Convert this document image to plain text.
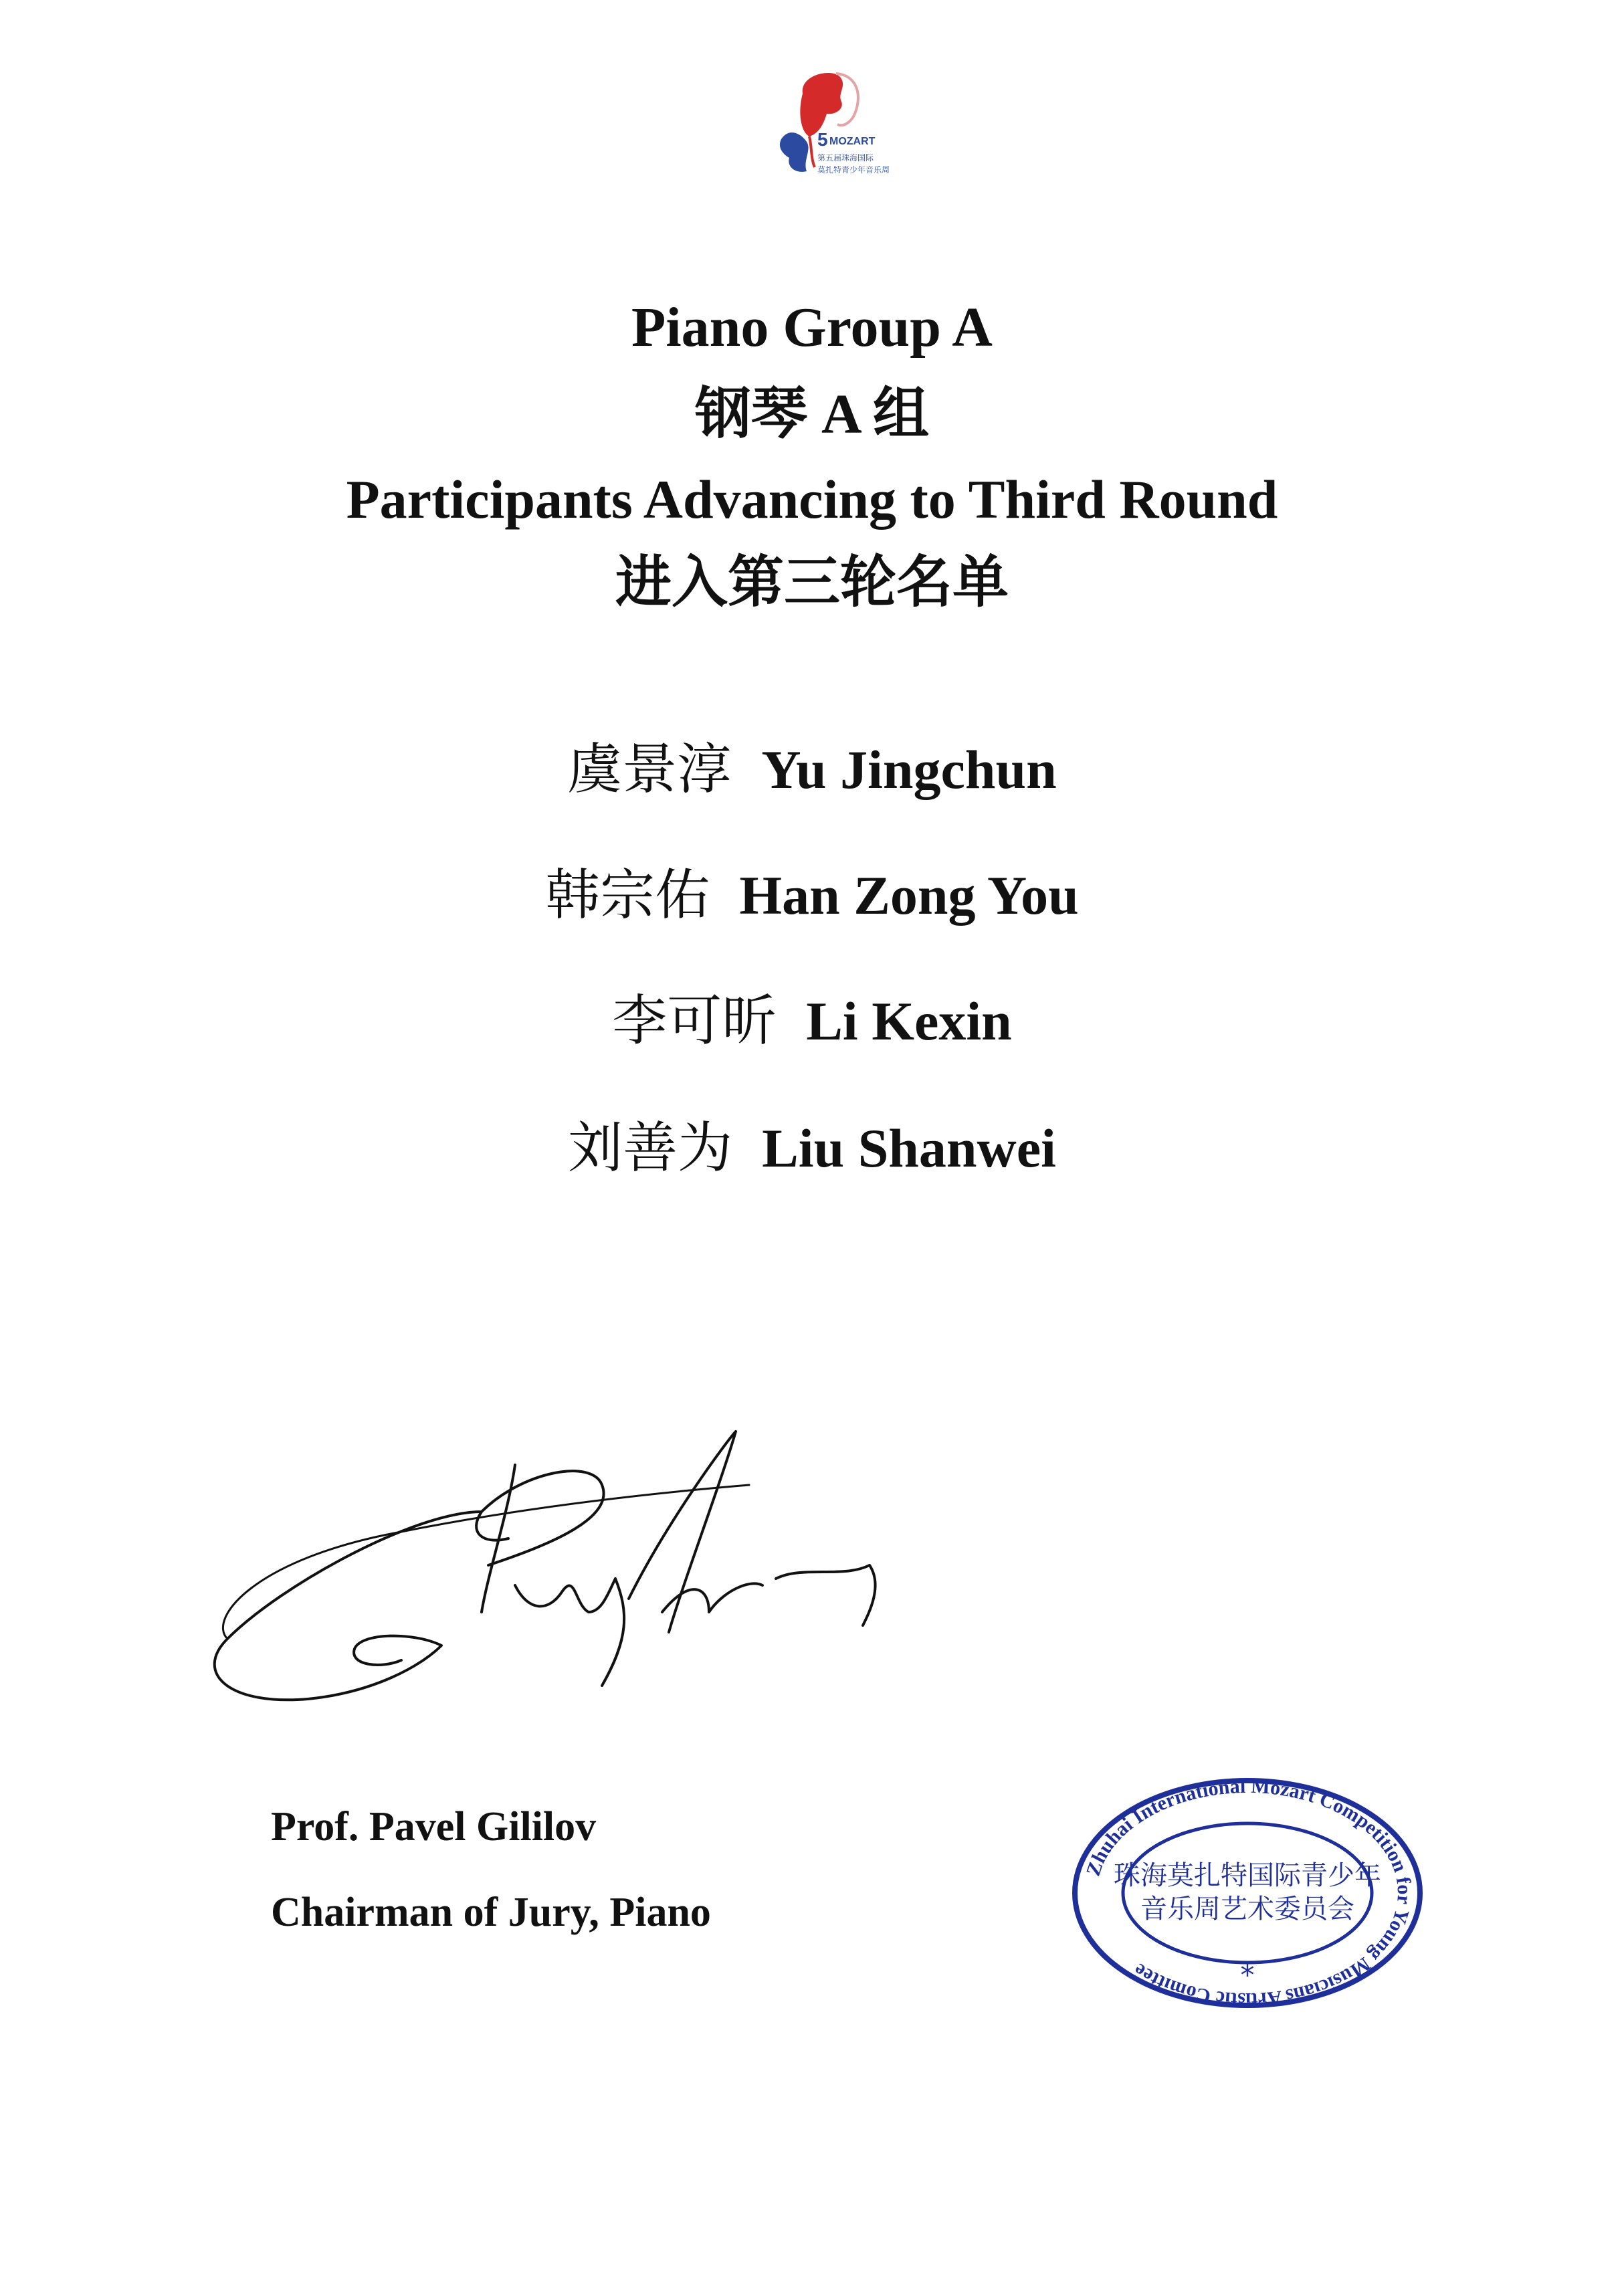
5 MOZART
第五届珠海国际
莫扎特青少年音乐周
Piano Group A
钢琴 A 组
Participants Advancing to Third Round
进入第三轮名单
虞景淳 Yu Jingchun
韩宗佑 Han Zong You
李可昕 Li Kexin
刘善为 Liu Shanwei
Prof. Pavel Gililov
Chairman of Jury, Piano
Zhuhai International Mozart Competition for Young Musicians Artistic Comittee
珠海莫扎特国际青少年
音乐周艺术委员会
*
